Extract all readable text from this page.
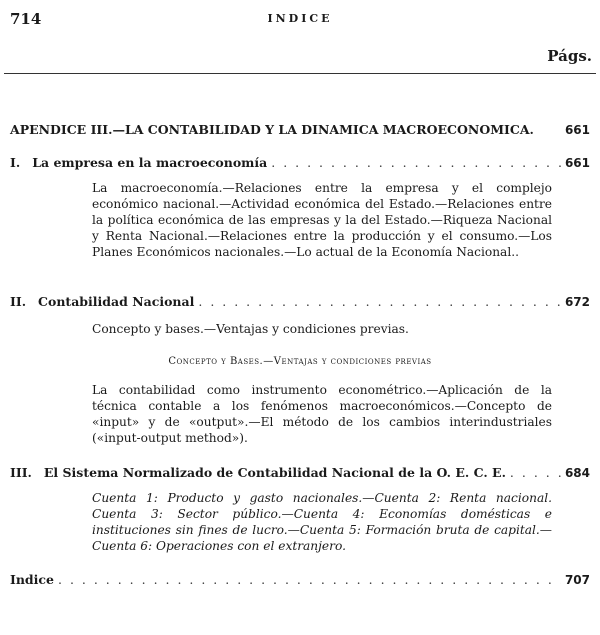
714	INDICE
Págs.
APENDICE III.—LA CONTABILIDAD Y LA DINAMICA MACROECONOMICA.	661
I. La empresa en la macroeconomía . . .	661
La macroeconomía.—Relaciones entre la empresa y el complejo económico nacional.—Actividad económica del Estado.—Relaciones entre la política económica de las empresas y la del Estado.—Riqueza Nacional y Renta Nacional.—Relaciones entre la producción y el consumo.—Los Planes Económicos nacionales.—Lo actual de la Economía Nacional..
II. Contabilidad Nacional . . .	672
Concepto y bases.—Ventajas y condiciones previas.
Concepto y Bases.—Ventajas y condiciones previas
La contabilidad como instrumento econométrico.—Aplicación de la técnica contable a los fenómenos macroeconómicos.—Concepto de «input» y de «output».—El método de los cambios interindustriales («input-output method»).
III. El Sistema Normalizado de Contabilidad Nacional de la O. E. C. E. . . .	684
Cuenta 1: Producto y gasto nacionales.—Cuenta 2: Renta nacional. Cuenta 3: Sector público.—Cuenta 4: Economías domésticas e instituciones sin fines de lucro.—Cuenta 5: Formación bruta de capital.—Cuenta 6: Operaciones con el extranjero.
Indice . . .	707
